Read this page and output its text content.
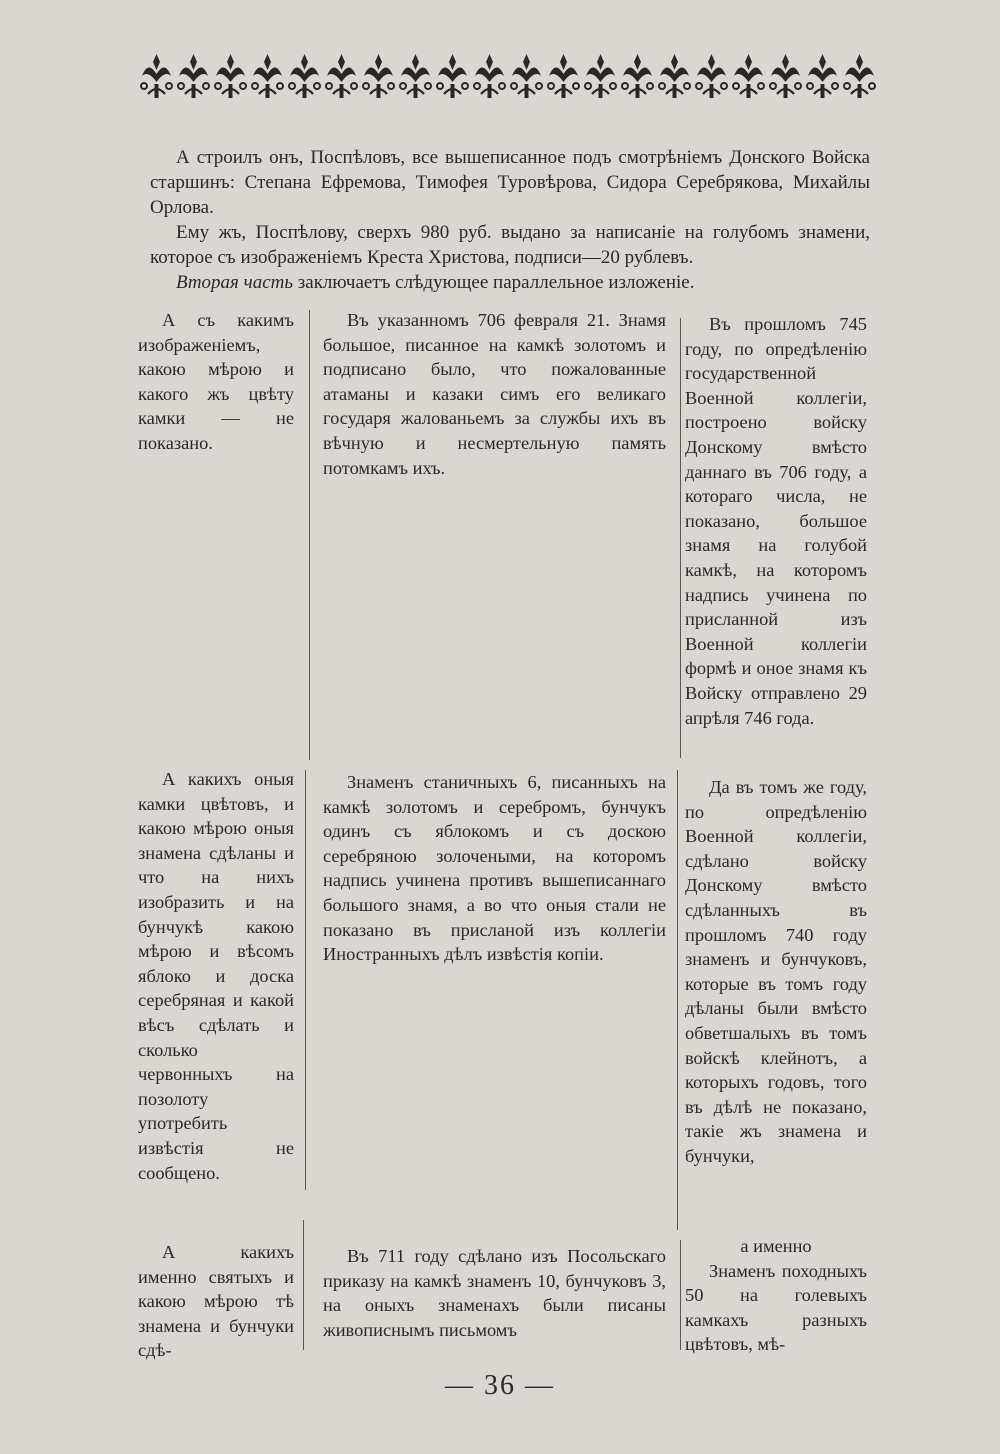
А строилъ онъ, Поспѣловъ, все вышеписанное подъ смотрѣніемъ Донского Войска старшинъ: Степана Ефремова, Тимофея Туровѣрова, Сидора Серебрякова, Михайлы Орлова.

Ему жъ, Поспѣлову, сверхъ 980 руб. выдано за написаніе на голубомъ знамени, которое съ изображеніемъ Креста Христова, подписи—20 рублевъ.

Вторая часть заключаетъ слѣдующее параллельное изложеніе.

А съ какимъ изображеніемъ, какою мѣрою и какого жъ цвѣту камки — не показано.

А какихъ оныя камки цвѣтовъ, и какою мѣрою оныя знамена сдѣланы и что на нихъ изобразить и на бунчукѣ какою мѣрою и вѣсомъ яблоко и доска серебряная и какой вѣсъ сдѣлать и сколько червонныхъ на позолоту употребить извѣстія не сообщено.

А какихъ именно святыхъ и какою мѣрою тѣ знамена и бунчуки сдѣ-

Въ указанномъ 706 февраля 21. Знамя большое, писанное на камкѣ золотомъ и подписано было, что пожалованные атаманы и казаки симъ его великаго государя жалованьемъ за службы ихъ въ вѣчную и несмертельную память потомкамъ ихъ.

Знаменъ станичныхъ 6, писанныхъ на камкѣ золотомъ и серебромъ, бунчукъ одинъ съ яблокомъ и съ доскою серебряною золочеными, на которомъ надпись учинена противъ вышеписаннаго большого знамя, а во что оныя стали не показано въ присланой изъ коллегіи Иностранныхъ дѣлъ извѣстія копіи.

Въ 711 году сдѣлано изъ Посольскаго приказу на камкѣ знаменъ 10, бунчуковъ 3, на оныхъ знаменахъ были писаны живописнымъ письмомъ

Въ прошломъ 745 году, по опредѣленію государственной Военной коллегіи, построено войску Донскому вмѣсто даннаго въ 706 году, а котораго числа, не показано, большое знамя на голубой камкѣ, на которомъ надпись учинена по присланной изъ Военной коллегіи формѣ и оное знамя къ Войску отправлено 29 апрѣля 746 года.

Да въ томъ же году, по опредѣленію Военной коллегіи, сдѣлано войску Донскому вмѣсто сдѣланныхъ въ прошломъ 740 году знаменъ и бунчуковъ, которые въ томъ году дѣланы были вмѣсто обветшалыхъ въ томъ войскѣ клейнотъ, а которыхъ годовъ, того въ дѣлѣ не показано, такіе жъ знамена и бунчуки,

а именно

Знаменъ походныхъ 50 на голевыхъ камкахъ разныхъ цвѣтовъ, мѣ-

— 36 —
